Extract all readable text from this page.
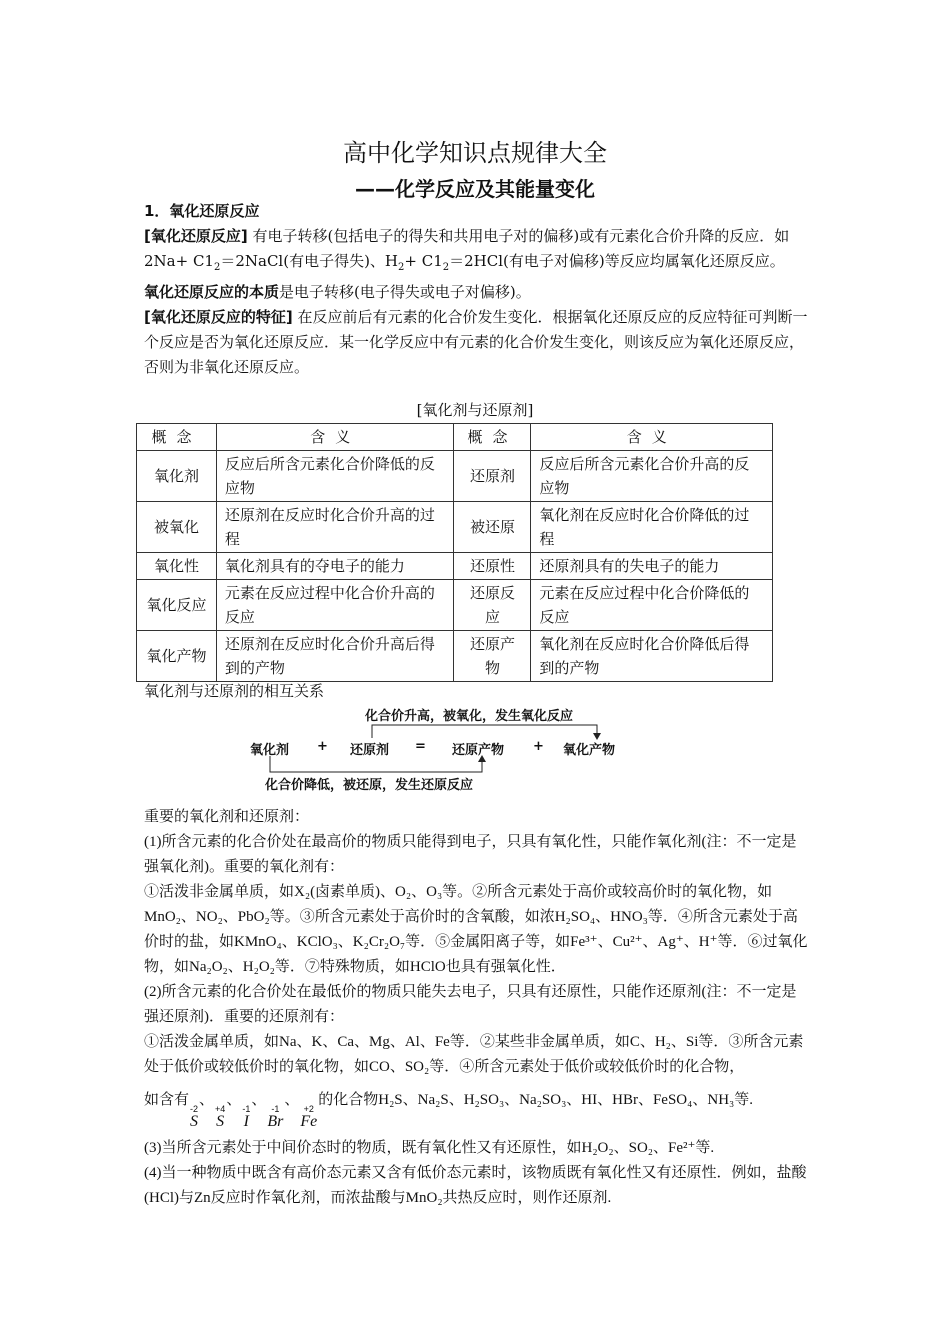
高中化学知识点规律大全
——化学反应及其能量变化

1．氧化还原反应

[氧化还原反应] 有电子转移(包括电子的得失和共用电子对的偏移)或有元素化合价升降的反应．如$2Na+ C1_2=2NaCl$(有电子得失)、$H_2+ C1_2=2HCl$(有电子对偏移)等反应均属氧化还原反应。

氧化还原反应的本质是电子转移(电子得失或电子对偏移)。

[氧化还原反应的特征] 在反应前后有元素的化合价发生变化．根据氧化还原反应的反应特征可判断一个反应是否为氧化还原反应．某一化学反应中有元素的化合价发生变化，则该反应为氧化还原反应，否则为非氧化还原反应。

[氧化剂与还原剂]
概念	含义	概念	含义
氧化剂	反应后所含元素化合价降低的反应物	还原剂	反应后所含元素化合价升高的反应物
被氧化	还原剂在反应时化合价升高的过程	被还原	氧化剂在反应时化合价降低的过程
氧化性	氧化剂具有的夺电子的能力	还原性	还原剂具有的失电子的能力
氧化反应	元素在反应过程中化合价升高的反应	还原反应	元素在反应过程中化合价降低的反应
氧化产物	还原剂在反应时化合价升高后得到的产物	还原产物	氧化剂在反应时化合价降低后得到的产物
氧化剂与还原剂的相互关系
化合价升高，被氧化，发生氧化反应
氧化剂 + 还原剂 = 还原产物 + 氧化产物
化合价降低，被还原，发生还原反应

重要的氧化剂和还原剂：

(1)所含元素的化合价处在最高价的物质只能得到电子，只具有氧化性，只能作氧化剂(注：不一定是强氧化剂)。重要的氧化剂有：

①活泼非金属单质，如X₂(卤素单质)、O₂、O₃等。②所含元素处于高价或较高价时的氧化物，如MnO₂、NO₂、PbO₂等。③所含元素处于高价时的含氧酸，如浓H₂SO₄、HNO₃等．④所含元素处于高价时的盐，如KMnO₄、KClO₃、K₂Cr₂O₇等．⑤金属阳离子等，如Fe³⁺、Cu²⁺、Ag⁺、H⁺等．⑥过氧化物，如Na₂O₂、H₂O₂等．⑦特殊物质，如HClO也具有强氧化性．

(2)所含元素的化合价处在最低价的物质只能失去电子，只具有还原性，只能作还原剂(注：不一定是强还原剂)．重要的还原剂有：

①活泼金属单质，如Na、K、Ca、Mg、Al、Fe等．②某些非金属单质，如C、H₂、Si等．③所含元素处于低价或较低价时的氧化物，如CO、SO₂等．④所含元素处于低价或较低价时的化合物，

如含有
-2
S
、
+4
S
、
-1
I
、
-1
Br
、
+2
Fe
的化合物H₂S、Na₂S、H₂SO₃、Na₂SO₃、HI、HBr、FeSO₄、NH₃等.

(3)当所含元素处于中间价态时的物质，既有氧化性又有还原性，如H₂O₂、SO₂、Fe²⁺等.

(4)当一种物质中既含有高价态元素又含有低价态元素时，该物质既有氧化性又有还原性．例如，盐酸(HCl)与Zn反应时作氧化剂，而浓盐酸与MnO₂共热反应时，则作还原剂.
